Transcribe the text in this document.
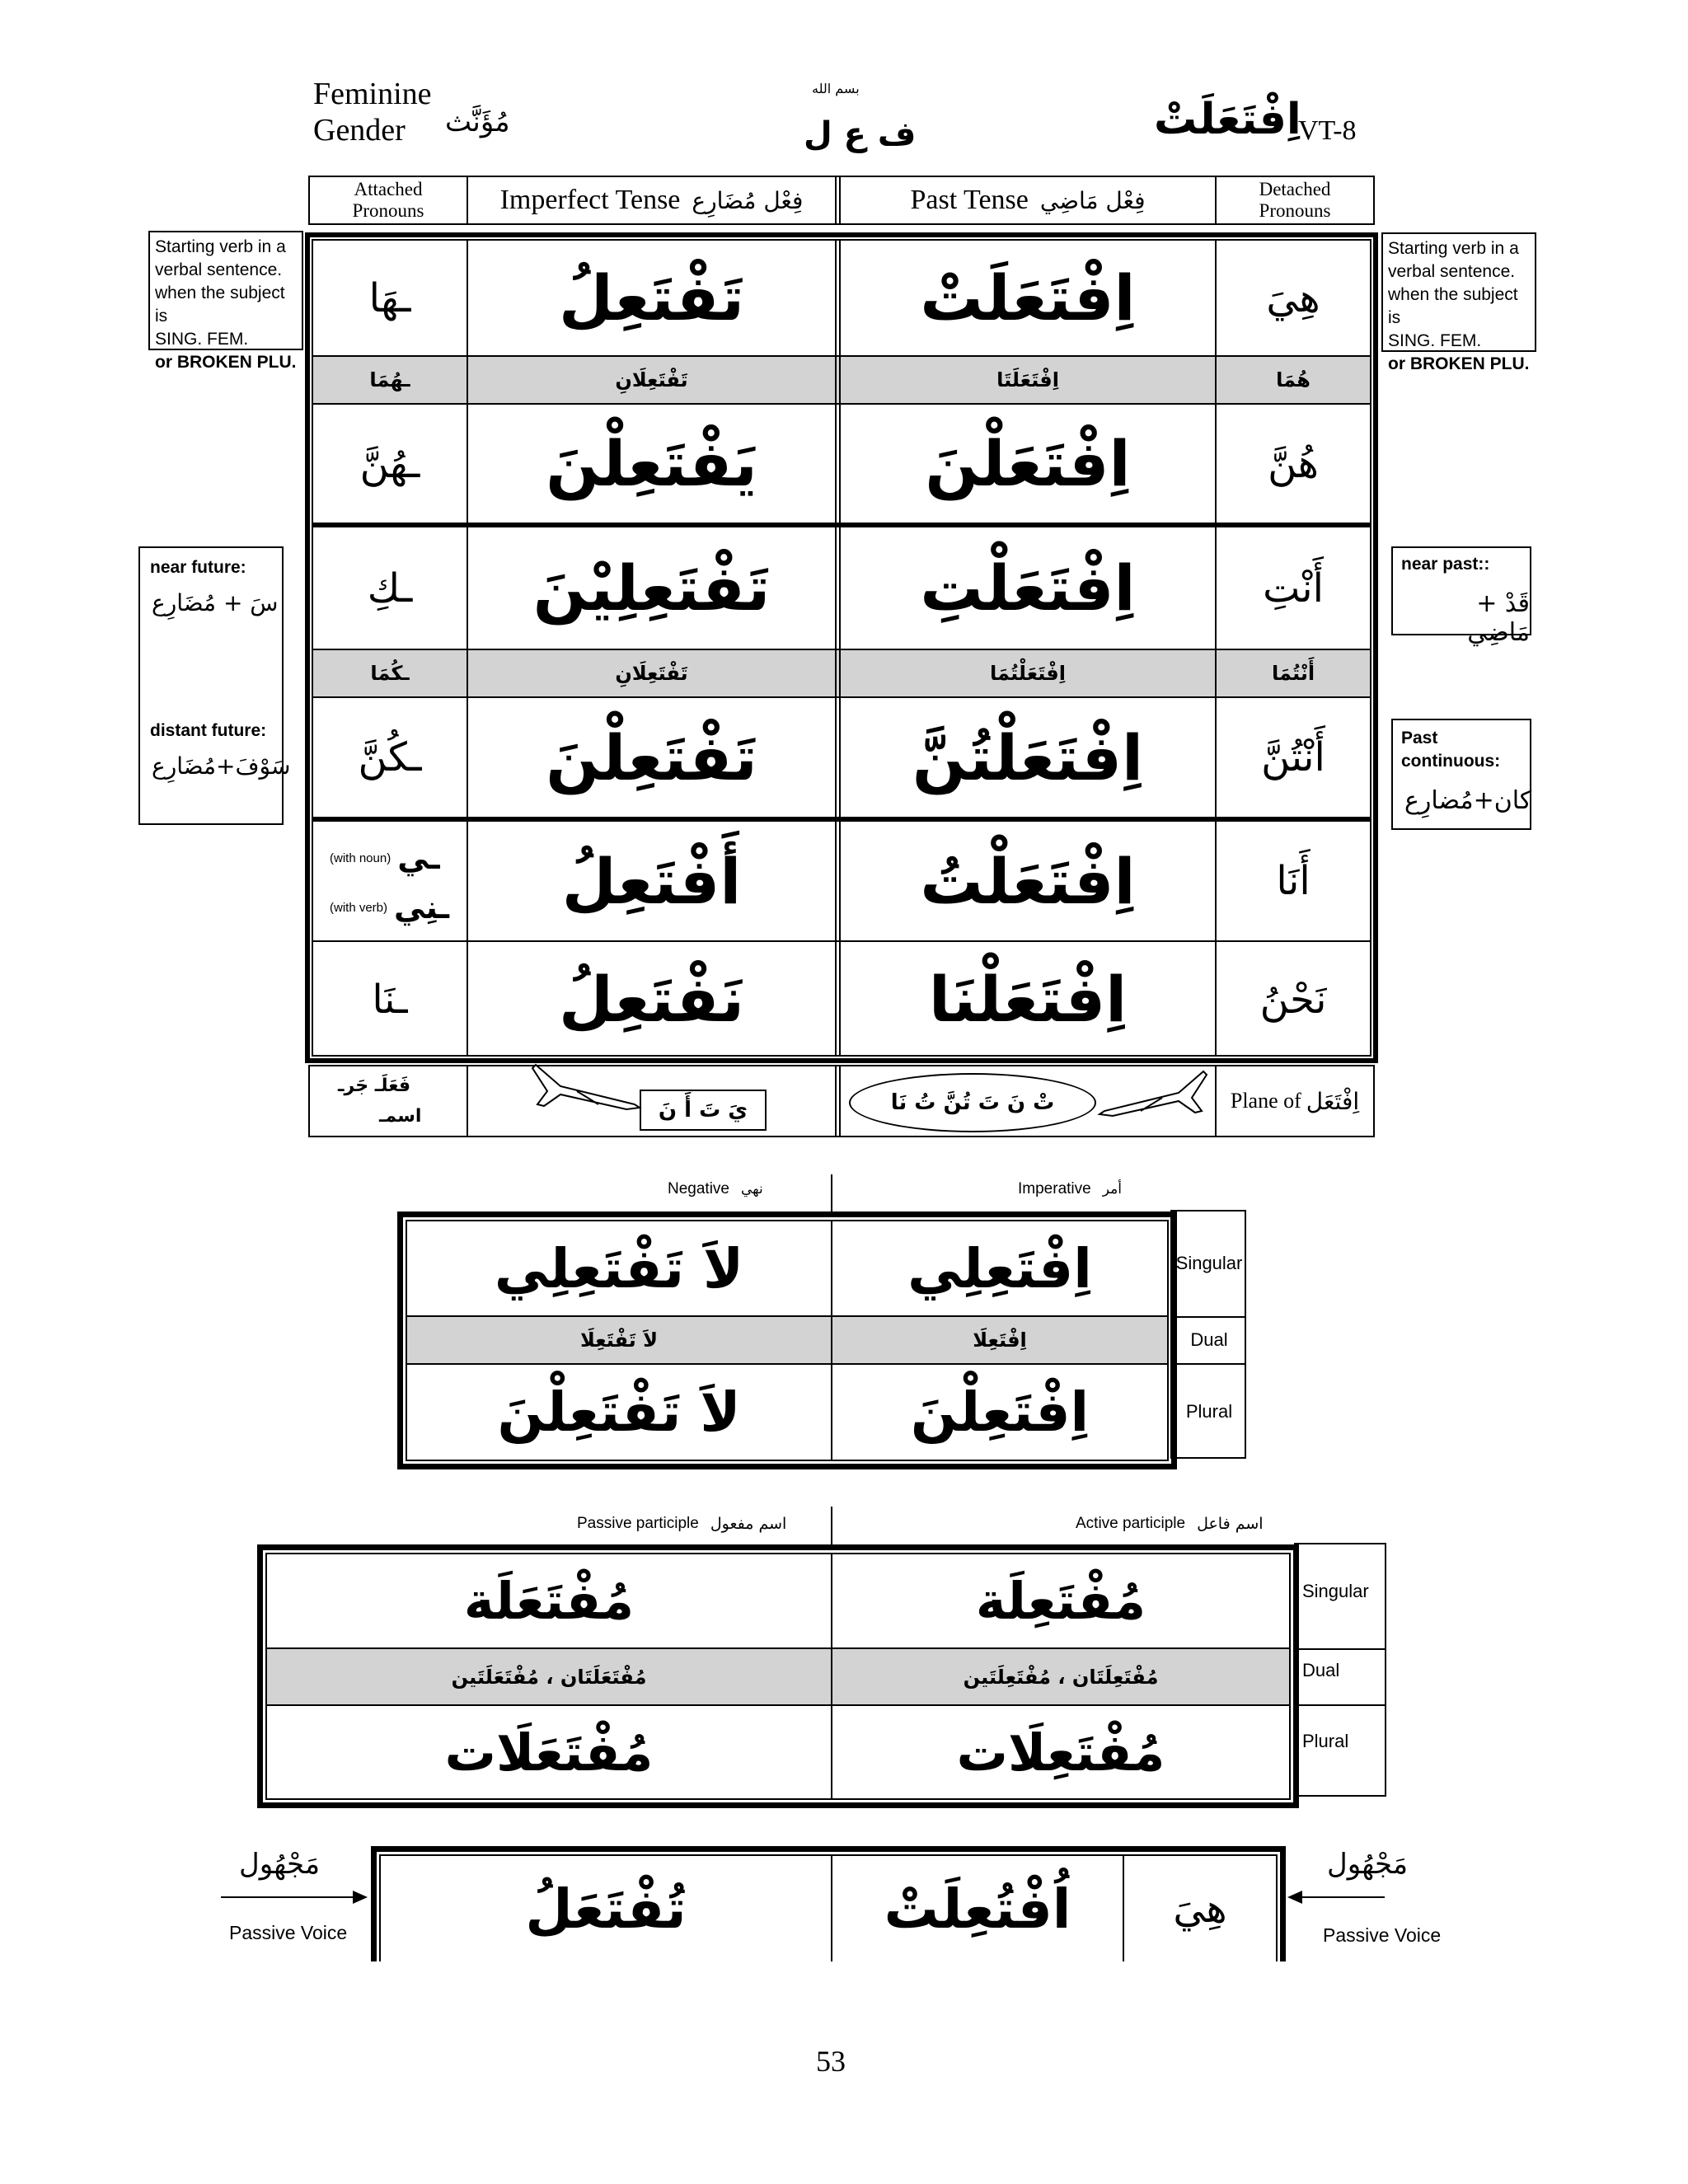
Feminine
Gender	مُؤَنَّث
بسم الله
ف ع ل	اِفْتَعَلَتْ
VT-8
Attached
Pronouns	Imperfect Tense فِعْل مُضَارِع	Past Tense فِعْل مَاضِي	Detached
Pronouns
ـهَا	تَفْتَعِلُ	اِفْتَعَلَتْ	هِيَ
ـهُمَا	تَفْتَعِلَانِ	اِفْتَعَلَتَا	هُمَا
ـهُنَّ	يَفْتَعِلْنَ	اِفْتَعَلْنَ	هُنَّ
ـكِ	تَفْتَعِلِيْنَ	اِفْتَعَلْتِ	أَنْتِ
ـكُمَا	تَفْتَعِلَانِ	اِفْتَعَلْتُمَا	أَنْتُمَا
ـكُنَّ	تَفْتَعِلْنَ	اِفْتَعَلْتُنَّ	أَنْتُنَّ
(with noun) ـي
(with verb) ـنِي	أَفْتَعِلُ	اِفْتَعَلْتُ	أَنَا
ـنَا	نَفْتَعِلُ	اِفْتَعَلْنَا	نَحْنُ
فَعَلَـ جَرـ
اسمـ	يَ تَ أَ نَ	تْ نَ تَ تُنَّ تُ نَا	Plane of اِفْتَعَل
Starting verb in a
verbal sentence.
when the subject is
SING. FEM.
or BROKEN PLU.
Starting verb in a
verbal sentence.
when the subject is
SING. FEM.
or BROKEN PLU.
near future:
سَ + مُضَارِع
distant future:
سَوْفَ+مُضَارِع
near past::
قَدْ + مَاضِي
Past
continuous:
كان+مُضارِع
Negative نهي	Imperative أمر
Singular
Dual
Plural
لاَ تَفْتَعِلِي	اِفْتَعِلِي
لاَ تَفْتَعِلَا	اِفْتَعِلَا
لاَ تَفْتَعِلْنَ	اِفْتَعِلْنَ
Passive participle اسم مفعول	Active participle اسم فاعل
Singular
Dual
Plural
مُفْتَعَلَة	مُفْتَعِلَة
مُفْتَعَلَتَان ، مُفْتَعَلَتَين	مُفْتَعِلَتَان ، مُفْتَعِلَتَين
مُفْتَعَلَات	مُفْتَعِلَات
مَجْهُول
Passive Voice
مَجْهُول
Passive Voice
تُفْتَعَلُ	اُفْتُعِلَتْ	هِيَ
53
